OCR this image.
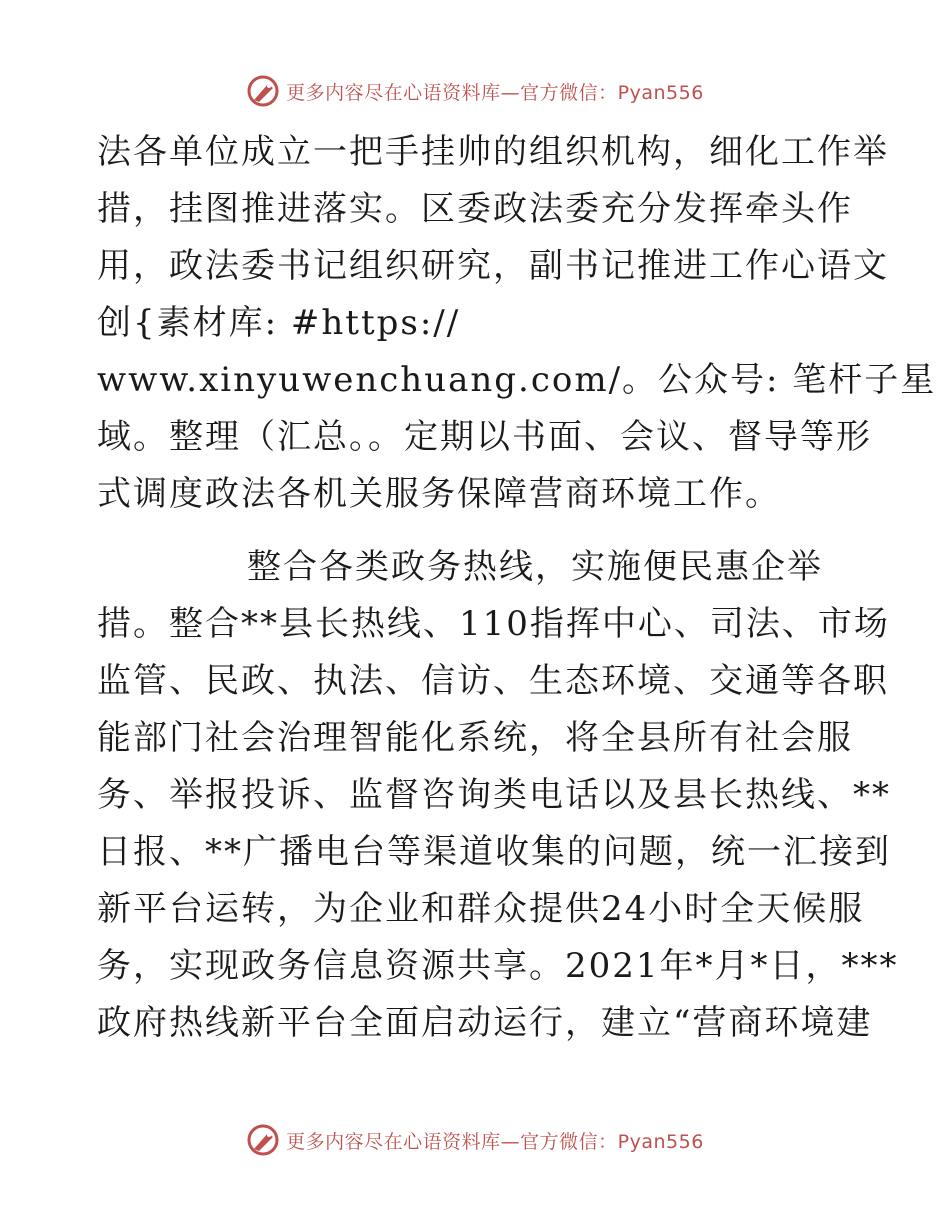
更多内容尽在心语资料库—官方微信：Pyan556
法各单位成立一把手挂帅的组织机构，细化工作举
措，挂图推进落实。区委政法委充分发挥牵头作
用，政法委书记组织研究，副书记推进工作心语文
创{素材库: #https://
www.xinyuwenchuang.com/。公众号: 笔杆子星
域。整理（汇总。。定期以书面、会议、督导等形
式调度政法各机关服务保障营商环境工作。
整合各类政务热线，实施便民惠企举
措。整合**县长热线、110指挥中心、司法、市场
监管、民政、执法、信访、生态环境、交通等各职
能部门社会治理智能化系统，将全县所有社会服
务、举报投诉、监督咨询类电话以及县长热线、**
日报、**广播电台等渠道收集的问题，统一汇接到
新平台运转，为企业和群众提供24小时全天候服
务，实现政务信息资源共享。2021年*月*日，***
政府热线新平台全面启动运行，建立“营商环境建
更多内容尽在心语资料库—官方微信：Pyan556
